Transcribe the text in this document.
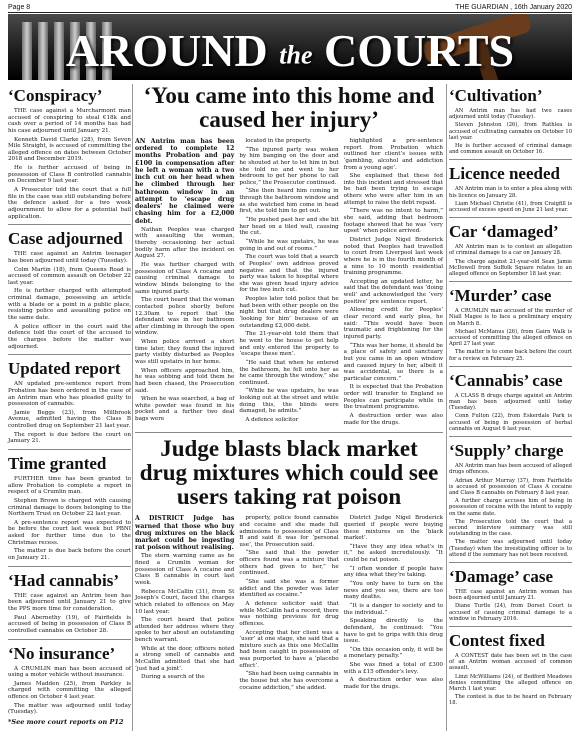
Page 8	THE GUARDIAN , 16th January 2020
AROUND the COURTS
‘Conspiracy’

THE case against a Murcharmont man accused of conspiring to steal €18k and cash over a period of 14 months has had his case adjourned until January 21.

Kenneth David Clarke (28), from Seven Mile Straight, is accused of committing the alleged offence on dates between October 2018 and December 2019.

He is further accused of being in possession of Class B controlled cannabis on December 9 last year.

A Prosecutor told the court that a full file in the case was still outstanding before the defence asked for a two week adjournment to allow for a potential bail application.

Case adjourned

THE case against an Antrim teenager has been adjourned until today (Tuesday).

Colm Martin (18), from Queens Road is accused of common assault on October 22 last year.

He is further charged with attempted criminal damage, possessing an article with a blade or a point in a public place, resisting police and assaulting police on the same date.

A police officer in the court said the defence told the court of the accused to the charges before the matter was adjourned.

Updated report

AN updated pre-sentence report from Probation has been ordered in the case of an Antrim man who has pleaded guilty to possession of cannabis.

Jamie Beggs (23), from Millbrook Avenue, admitted having the Class B controlled drug on September 21 last year.

The report is due before the court on January 21.

Time granted

FURTHER time has been granted to allow Probation to complete a report in respect of a Crumlin man.

Stephen Brown is charged with causing criminal damage to doors belonging to the Northern Trust on October 22 last year.

A pre-sentence report was expected to be before the court last week but PBNI asked for further time due to the Christmas recess.

The matter is due back before the court on January 21.

‘Had cannabis’

THE case against an Antrim teen has been adjourned until January 21 to give the PPS more time for consideration.

Paul Abernethy (19), of Fairfields is accused of being in possession of Class B controlled cannabis on October 28.

‘No insurance’

A CRUMLIN man has been accused of using a motor vehicle without insurance.

James Madden (25), from Parkley is charged with committing the alleged offence on October 4 last year.

The matter was adjourned until today (Tuesday).

*See more court reports on P12
‘You came into this home and caused her injury’

AN Antrim man has been ordered to complete 12 months Probation and pay £100 in compensation after he left a woman with a two inch cut on her head when he climbed through her bathroom window in an attempt to ‘escape drug dealers’ he claimed were chasing him for a £2,000 debt.

Nathan Peoples was charged with assaulting the woman, thereby occasioning her actual bodily harm after the incident on August 27.

He was further charged with possession of Class A cocaine and causing criminal damage to window blinds belonging to the same injured party.

The court heard that the woman contacted police shortly before 12.30am to report that the defendant was in her bathroom after climbing in through the open window.

When police arrived a short time later, they found the injured party visibly disturbed as Peoples was still upstairs in her home.

When officers approached him, he was sobbing and told them he had been chased, the Prosecution said.

When he was searched, a bag of white powder was found in his pocket and a further two deal bags were

located in the property.

“The injured party was woken by him banging on the door and he shouted at her to let him in but she told no and went to her bedroom to get her phone to call police,” the Prosecutor continued.

“She then heard him coming in through the bathroom window and as she watched him come in head first, she told him to get out.

“He pushed past her and she hit her head on a tiled wall, causing the cut.

“While he was upstairs, he was going in and out of rooms.”

The court was told that a search of Peoples’ own address proved negative and that the injured party was taken to hospital where she was given head injury advice for the two inch cut.

Peoples later told police that he had been with other people on the night but that drug dealers were ‘looking for him’ because of an outstanding £2,000 debt.

The 21-year-old told them that he went to the house to get help and only entered the property to ‘escape these men’.

“He said that when he entered the bathroom, he fell onto her as he came through the window,” she continued.

“While he was upstairs, he was looking out at the street and while doing this, the blinds were damaged, he admits.”

A defence solicitor

highlighted a pre-sentence report from Probation which outlined her client’s issues with ‘gambling, alcohol and addiction from a young age’.

She explained that these fed into this incident and stressed that he had been trying to escape others who were after him in an attempt to raise the debt repaid.

“There was no intent to harm,” she said, adding that bedroom footage showed that he was ‘very upset’ when police arrived.

District Judge Nigel Broderick noted that Peoples had travelled to court from Liverpool last week where he is in the fourth month of a nine to 10 month residential training programme.

Accepting an updated letter, he said that the defendant was ‘doing well’ and acknowledged the ‘very positive’ pre sentence report.

Allowing credit for Peoples’ clear record and early plea, he said: “This would have been traumatic and frightening for the injured party.

“This was her home, it should be a place of safety and sanctuary but you came in an open window and caused injury to her, albeit it was accidental, so there is a particular concern.”

It is expected that the Probation order will transfer to England so Peoples can participate while in the treatment programme.

A destruction order was also made for the drugs.

Judge blasts black market drug mixtures which could see users taking rat poison

A DISTRICT Judge has warned that those who buy drug mixtures on the black market could be ingesting rat poison without realising.

The stern warning came as he fined a Crumlin woman for possession of Class A cocaine and Class B cannabis in court last week.

Rebecca McCallin (31), from St Joseph’s Court, faced the charges which related to offences on May 10 last year.

The court heard that police attended her address where they spoke to her about an outstanding bench warrant.

While at the door, officers noted a strong smell of cannabis and McCallin admitted that she had ‘just had a joint’.

During a search of the

property, police found cannabis and cocaine and she made full admissions to possession of Class B and said it was for ‘personal use’, the Prosecution said.

“She said that the powder officers found was a mixture that others had given to her,” he continued.

“She said she was a former addict and the powder was later identified as cocaine.”

A defence solicitor said that while McCallin had a record, there was nothing previous for drug offences.

Accepting that her client was a ‘user’ at one stage, she said that a mixture such as this one McCallin had been caught in possession of was purported to have a ‘placebo effect’.

“She had been using cannabis in the house but she has overcome a cocaine addiction,” she added.

District Judge Nigel Broderick queried if people were buying these mixtures on the ‘black market’.

“Have they any idea what’s in it,” he asked incredulously. “It could be rat poison.

“I often wonder if people have any idea what they’re taking.

“You only have to turn on the news and you see, there are too many deaths.

“It is a danger to society and to the individual.”

Speaking directly to the defendant, he continued: “You have to get to grips with this drug issue.

“On this occasion only, it will be a monetary penalty.”

She was fined a total of £300 with a £15 offender’s levy.

A destruction order was also made for the drugs.

‘Cultivation’

AN Antrim man has had two cases adjourned until today (Tuesday).

Steven Johnston (26), from Rathlea is accused of cultivating cannabis on October 10 last year.

He is further accused of criminal damage and common assault on October 16.

Licence needed

AN Antrim man is to enter a plea along with his licence on January 28.

Liam Michael Christie (41), from Craigfill is accused of excess speed on June 21 last year.

Car ‘damaged’

AN Antrim man is to contest an allegation of criminal damage to a car on January 28.

The charge against 21-year-old Sean Jamie McDowell from Suffolk Square relates to an alleged offence on September 18 last year.

‘Murder’ case

A CRUMLIN man accused of the murder of Niall Magee is to face a preliminary enquiry on March 8.

Michael McManus (26), from Gairn Walk is accused of committing the alleged offence on April 27 last year.

The matter is to come back before the court for a review on February 25.

‘Cannabis’ case

A CLASS B drugs charge against an Antrim man has been adjourned until today (Tuesday).

Conn Fulton (22), from Eskerdale Park is accused of being in possession of herbal cannabis on August 6 last year.

‘Supply’ charge

AN Antrim man has been accused of alleged drugs offences.

Adrian Arthur Murray (37), from Fairfields is accused of possession of Class A cocaine and Class B cannabis on February 8 last year.

A further charge accuses him of being in possession of cocaine with the intent to supply on the same date.

The Prosecution told the court that a second interview summary was still outstanding in the case.

The matter was adjourned until today (Tuesday) when the investigating officer is to attend if the summary has not been received.

‘Damage’ case

THE case against an Antrim woman has been adjourned until January 21.

Diane Turtle (24), from Dorset Court is accused of causing criminal damage to a window in February 2016.

Contest fixed

A CONTEST date has been set in the case of an Antrim woman accused of common assault.

Linzi McWilliams (24), of Bedford Meadows denies committing the alleged offence on March 1 last year.

The contest is due to be heard on February 18.
